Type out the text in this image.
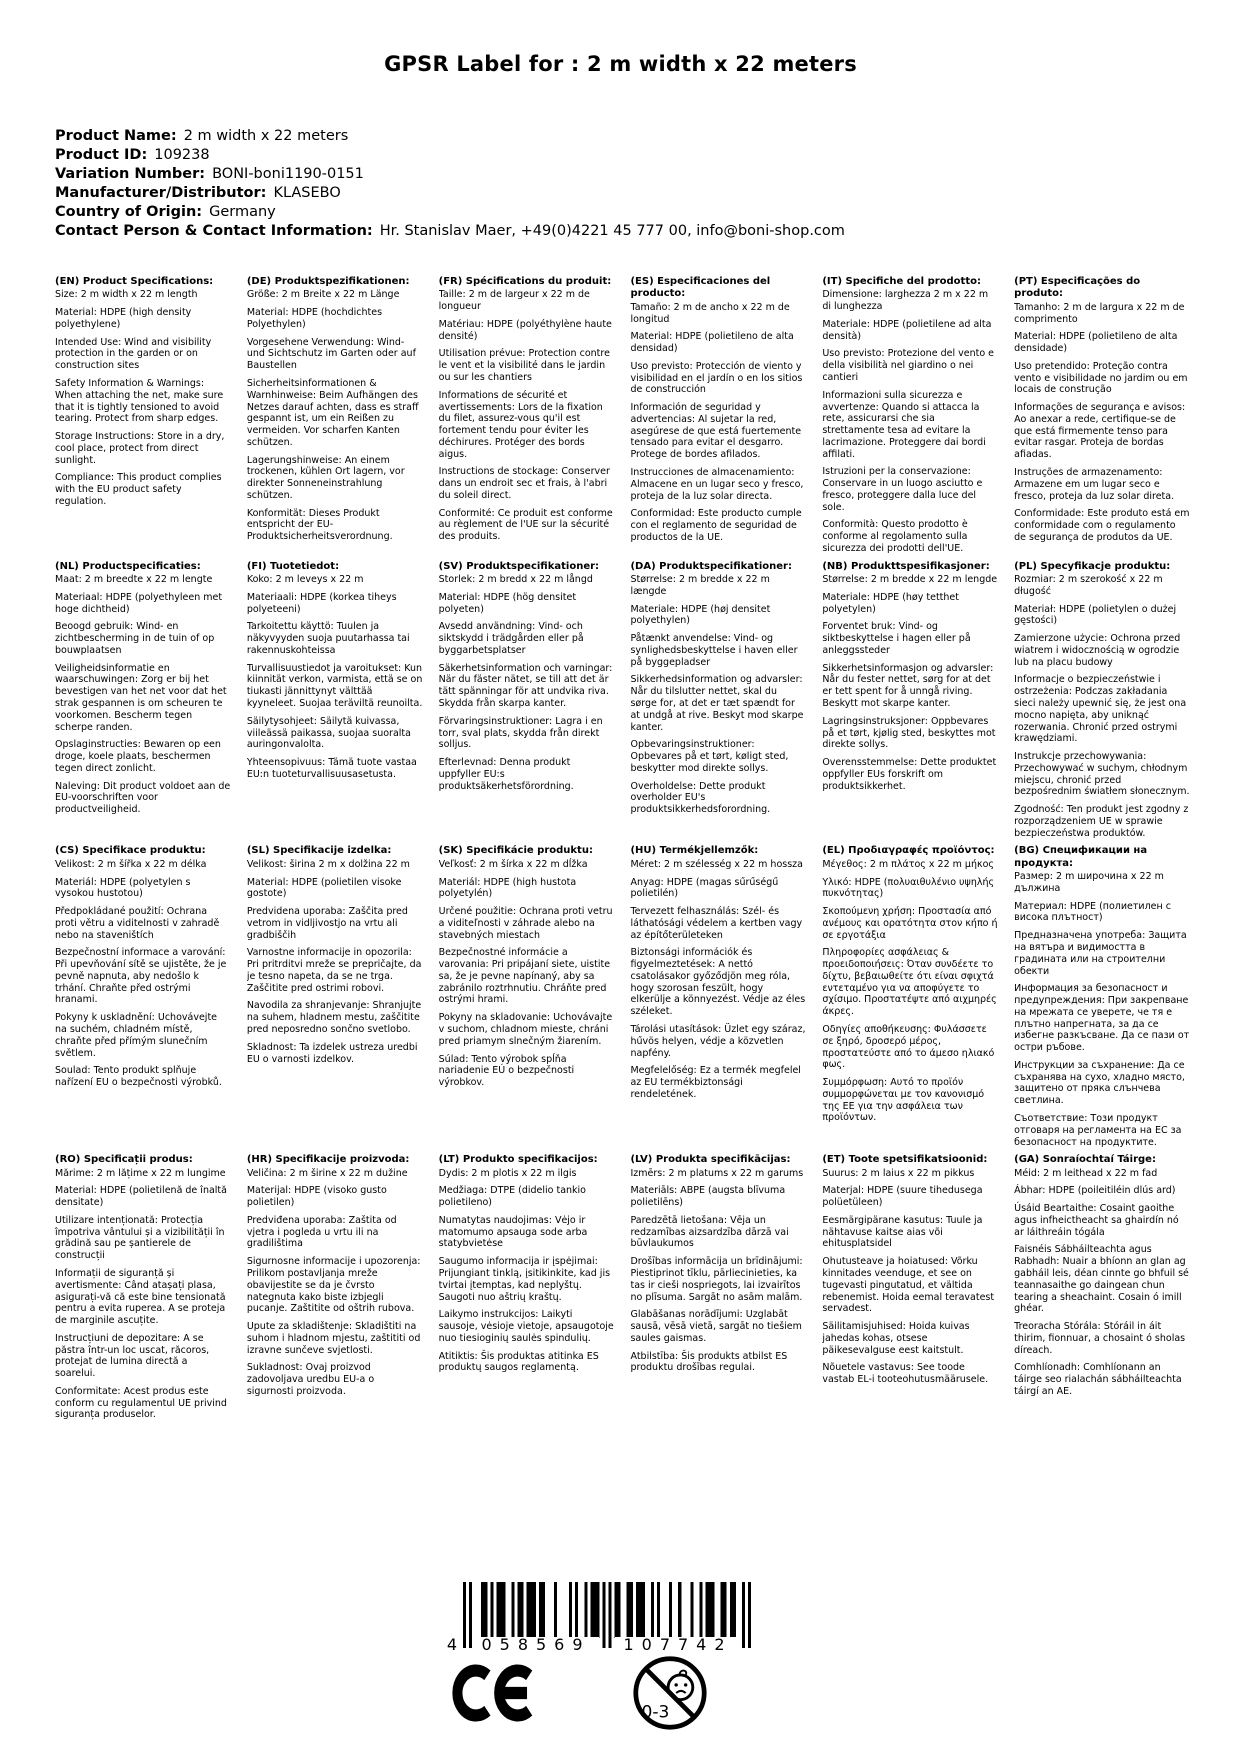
GPSR Label for : 2 m width x 22 meters
Product Name: 2 m width x 22 meters
Product ID: 109238
Variation Number: BONI-boni1190-0151
Manufacturer/Distributor: KLASEBO
Country of Origin: Germany
Contact Person & Contact Information: Hr. Stanislav Maer, +49(0)4221 45 777 00, info@boni-shop.com
(EN) Product Specifications:

Size: 2 m width x 22 m length

Material: HDPE (high density polyethylene)

Intended Use: Wind and visibility protection in the garden or on construction sites

Safety Information & Warnings: When attaching the net, make sure that it is tightly tensioned to avoid tearing. Protect from sharp edges.

Storage Instructions: Store in a dry, cool place, protect from direct sunlight.

Compliance: This product complies with the EU product safety regulation.

(DE) Produktspezifikationen:

Größe: 2 m Breite x 22 m Länge

Material: HDPE (hochdichtes Polyethylen)

Vorgesehene Verwendung: Wind- und Sichtschutz im Garten oder auf Baustellen

Sicherheitsinformationen & Warnhinweise: Beim Aufhängen des Netzes darauf achten, dass es straff gespannt ist, um ein Reißen zu vermeiden. Vor scharfen Kanten schützen.

Lagerungshinweise: An einem trockenen, kühlen Ort lagern, vor direkter Sonneneinstrahlung schützen.

Konformität: Dieses Produkt entspricht der EU-Produktsicherheitsverordnung.

(FR) Spécifications du produit:

Taille: 2 m de largeur x 22 m de longueur

Matériau: HDPE (polyéthylène haute densité)

Utilisation prévue: Protection contre le vent et la visibilité dans le jardin ou sur les chantiers

Informations de sécurité et avertissements: Lors de la fixation du filet, assurez-vous qu'il est fortement tendu pour éviter les déchirures. Protéger des bords aigus.

Instructions de stockage: Conserver dans un endroit sec et frais, à l'abri du soleil direct.

Conformité: Ce produit est conforme au règlement de l'UE sur la sécurité des produits.

(ES) Especificaciones del producto:

Tamaño: 2 m de ancho x 22 m de longitud

Material: HDPE (polietileno de alta densidad)

Uso previsto: Protección de viento y visibilidad en el jardín o en los sitios de construcción

Información de seguridad y advertencias: Al sujetar la red, asegúrese de que está fuertemente tensado para evitar el desgarro. Protege de bordes afilados.

Instrucciones de almacenamiento: Almacene en un lugar seco y fresco, proteja de la luz solar directa.

Conformidad: Este producto cumple con el reglamento de seguridad de productos de la UE.

(IT) Specifiche del prodotto:

Dimensione: larghezza 2 m x 22 m di lunghezza

Materiale: HDPE (polietilene ad alta densità)

Uso previsto: Protezione del vento e della visibilità nel giardino o nei cantieri

Informazioni sulla sicurezza e avvertenze: Quando si attacca la rete, assicurarsi che sia strettamente tesa ad evitare la lacrimazione. Proteggere dai bordi affilati.

Istruzioni per la conservazione: Conservare in un luogo asciutto e fresco, proteggere dalla luce del sole.

Conformità: Questo prodotto è conforme al regolamento sulla sicurezza dei prodotti dell'UE.

(PT) Especificações do produto:

Tamanho: 2 m de largura x 22 m de comprimento

Material: HDPE (polietileno de alta densidade)

Uso pretendido: Proteção contra vento e visibilidade no jardim ou em locais de construção

Informações de segurança e avisos: Ao anexar a rede, certifique-se de que está firmemente tenso para evitar rasgar. Proteja de bordas afiadas.

Instruções de armazenamento: Armazene em um lugar seco e fresco, proteja da luz solar direta.

Conformidade: Este produto está em conformidade com o regulamento de segurança de produtos da UE.

(NL) Productspecificaties:

Maat: 2 m breedte x 22 m lengte

Materiaal: HDPE (polyethyleen met hoge dichtheid)

Beoogd gebruik: Wind- en zichtbescherming in de tuin of op bouwplaatsen

Veiligheidsinformatie en waarschuwingen: Zorg er bij het bevestigen van het net voor dat het strak gespannen is om scheuren te voorkomen. Bescherm tegen scherpe randen.

Opslaginstructies: Bewaren op een droge, koele plaats, beschermen tegen direct zonlicht.

Naleving: Dit product voldoet aan de EU-voorschriften voor productveiligheid.

(FI) Tuotetiedot:

Koko: 2 m leveys x 22 m

Materiaali: HDPE (korkea tiheys polyeteeni)

Tarkoitettu käyttö: Tuulen ja näkyvyyden suoja puutarhassa tai rakennuskohteissa

Turvallisuustiedot ja varoitukset: Kun kiinnität verkon, varmista, että se on tiukasti jännittynyt välttää kyyneleet. Suojaa teräviltä reunoilta.

Säilytysohjeet: Säilytä kuivassa, viileässä paikassa, suojaa suoralta auringonvalolta.

Yhteensopivuus: Tämä tuote vastaa EU:n tuoteturvallisuusasetusta.

(SV) Produktspecifikationer:

Storlek: 2 m bredd x 22 m långd

Material: HDPE (hög densitet polyeten)

Avsedd användning: Vind- och siktskydd i trädgården eller på byggarbetsplatser

Säkerhetsinformation och varningar: När du fäster nätet, se till att det är tätt spänningar för att undvika riva. Skydda från skarpa kanter.

Förvaringsinstruktioner: Lagra i en torr, sval plats, skydda från direkt solljus.

Efterlevnad: Denna produkt uppfyller EU:s produktsäkerhetsförordning.

(DA) Produktspecifikationer:

Størrelse: 2 m bredde x 22 m længde

Materiale: HDPE (høj densitet polyethylen)

Påtænkt anvendelse: Vind- og synlighedsbeskyttelse i haven eller på byggepladser

Sikkerhedsinformation og advarsler: Når du tilslutter nettet, skal du sørge for, at det er tæt spændt for at undgå at rive. Beskyt mod skarpe kanter.

Opbevaringsinstruktioner: Opbevares på et tørt, køligt sted, beskytter mod direkte sollys.

Overholdelse: Dette produkt overholder EU's produktsikkerhedsforordning.

(NB) Produkttspesifikasjoner:

Størrelse: 2 m bredde x 22 m lengde

Materiale: HDPE (høy tetthet polyetylen)

Forventet bruk: Vind- og siktbeskyttelse i hagen eller på anleggssteder

Sikkerhetsinformasjon og advarsler: Når du fester nettet, sørg for at det er tett spent for å unngå riving. Beskytt mot skarpe kanter.

Lagringsinstruksjoner: Oppbevares på et tørt, kjølig sted, beskyttes mot direkte sollys.

Overensstemmelse: Dette produktet oppfyller EUs forskrift om produktsikkerhet.

(PL) Specyfikacje produktu:

Rozmiar: 2 m szerokość x 22 m długość

Materiał: HDPE (polietylen o dużej gęstości)

Zamierzone użycie: Ochrona przed wiatrem i widocznością w ogrodzie lub na placu budowy

Informacje o bezpieczeństwie i ostrzeżenia: Podczas zakładania sieci należy upewnić się, że jest ona mocno napięta, aby uniknąć rozerwania. Chronić przed ostrymi krawędziami.

Instrukcje przechowywania: Przechowywać w suchym, chłodnym miejscu, chronić przed bezpośrednim światłem słonecznym.

Zgodność: Ten produkt jest zgodny z rozporządzeniem UE w sprawie bezpieczeństwa produktów.

(CS) Specifikace produktu:

Velikost: 2 m šířka x 22 m délka

Materiál: HDPE (polyetylen s vysokou hustotou)

Předpokládané použití: Ochrana proti větru a viditelnosti v zahradě nebo na staveništích

Bezpečnostní informace a varování: Při upevňování sítě se ujistěte, že je pevně napnuta, aby nedošlo k trhání. Chraňte před ostrými hranami.

Pokyny k uskladnění: Uchovávejte na suchém, chladném místě, chraňte před přímým slunečním světlem.

Soulad: Tento produkt splňuje nařízení EU o bezpečnosti výrobků.

(SL) Specifikacije izdelka:

Velikost: širina 2 m x dolžina 22 m

Material: HDPE (polietilen visoke gostote)

Predvidena uporaba: Zaščita pred vetrom in vidljivostjo na vrtu ali gradbiščih

Varnostne informacije in opozorila: Pri pritrditvi mreže se prepričajte, da je tesno napeta, da se ne trga. Zaščitite pred ostrimi robovi.

Navodila za shranjevanje: Shranjujte na suhem, hladnem mestu, zaščitite pred neposredno sončno svetlobo.

Skladnost: Ta izdelek ustreza uredbi EU o varnosti izdelkov.

(SK) Špecifikácie produktu:

Veľkosť: 2 m šírka x 22 m dĺžka

Materiál: HDPE (high hustota polyetylén)

Určené použitie: Ochrana proti vetru a viditeľnosti v záhrade alebo na stavebných miestach

Bezpečnostné informácie a varovania: Pri pripájaní siete, uistite sa, že je pevne napínaný, aby sa zabránilo roztrhnutiu. Chráňte pred ostrými hrami.

Pokyny na skladovanie: Uchovávajte v suchom, chladnom mieste, chráni pred priamym slnečným žiarením.

Súlad: Tento výrobok spĺňa nariadenie EÚ o bezpečnosti výrobkov.

(HU) Termékjellemzők:

Méret: 2 m szélesség x 22 m hossza

Anyag: HDPE (magas sűrűségű polietilén)

Tervezett felhasználás: Szél- és láthatósági védelem a kertben vagy az építőterületeken

Biztonsági információk és figyelmeztetések: A nettó csatolásakor győződjön meg róla, hogy szorosan feszült, hogy elkerülje a könnyezést. Védje az éles széleket.

Tárolási utasítások: Üzlet egy száraz, hűvös helyen, védje a közvetlen napfény.

Megfelelőség: Ez a termék megfelel az EU termékbiztonsági rendeletének.

(EL) Προδιαγραφές προϊόντος:

Μέγεθος: 2 m πλάτος x 22 m μήκος

Υλικό: HDPE (πολυαιθυλένιο υψηλής πυκνότητας)

Σκοπούμενη χρήση: Προστασία από ανέμους και ορατότητα στον κήπο ή σε εργοτάξια

Πληροφορίες ασφάλειας & προειδοποιήσεις: Όταν συνδέετε το δίχτυ, βεβαιωθείτε ότι είναι σφιχτά εντεταμένο για να αποφύγετε το σχίσιμο. Προστατέψτε από αιχμηρές άκρες.

Οδηγίες αποθήκευσης: Φυλάσσετε σε ξηρό, δροσερό μέρος, προστατεύστε από το άμεσο ηλιακό φως.

Συμμόρφωση: Αυτό το προϊόν συμμορφώνεται με τον κανονισμό της ΕΕ για την ασφάλεια των προϊόντων.

(BG) Спецификации на продукта:

Размер: 2 m широчина x 22 m дължина

Материал: HDPE (полиетилен с висока плътност)

Предназначена употреба: Защита на вятъра и видимостта в градината или на строителни обекти

Информация за безопасност и предупреждения: При закрепване на мрежата се уверете, че тя е плътно напрегната, за да се избегне разкъсване. Да се пази от остри ръбове.

Инструкции за съхранение: Да се съхранява на сухо, хладно място, защитено от пряка слънчева светлина.

Съответствие: Този продукт отговаря на регламента на ЕС за безопасност на продуктите.

(RO) Specificații produs:

Mărime: 2 m lățime x 22 m lungime

Material: HDPE (polietilenă de înaltă densitate)

Utilizare intenționată: Protecția împotriva vântului și a vizibilității în grădină sau pe șantierele de construcții

Informații de siguranță și avertismente: Când atașați plasa, asigurați-vă că este bine tensionată pentru a evita ruperea. A se proteja de marginile ascuțite.

Instrucțiuni de depozitare: A se păstra într-un loc uscat, răcoros, protejat de lumina directă a soarelui.

Conformitate: Acest produs este conform cu regulamentul UE privind siguranța produselor.

(HR) Specifikacije proizvoda:

Veličina: 2 m širine x 22 m dužine

Materijal: HDPE (visoko gusto polietilen)

Predviđena uporaba: Zaštita od vjetra i pogleda u vrtu ili na gradilištima

Sigurnosne informacije i upozorenja: Prilikom postavljanja mreže obavijestite se da je čvrsto nategnuta kako biste izbjegli pucanje. Zaštitite od oštrih rubova.

Upute za skladištenje: Skladištiti na suhom i hladnom mjestu, zaštititi od izravne sunčeve svjetlosti.

Sukladnost: Ovaj proizvod zadovoljava uredbu EU-a o sigurnosti proizvoda.

(LT) Produkto specifikacijos:

Dydis: 2 m plotis x 22 m ilgis

Medžiaga: DTPE (didelio tankio polietileno)

Numatytas naudojimas: Vėjo ir matomumo apsauga sode arba statybvietėse

Saugumo informacija ir įspėjimai: Prijungiant tinklą, įsitikinkite, kad jis tvirtai įtemptas, kad neplyštų. Saugoti nuo aštrių kraštų.

Laikymo instrukcijos: Laikyti sausoje, vėsioje vietoje, apsaugotoje nuo tiesioginių saulės spindulių.

Atitiktis: Šis produktas atitinka ES produktų saugos reglamentą.

(LV) Produkta specifikācijas:

Izmērs: 2 m platums x 22 m garums

Materiāls: ABPE (augsta blīvuma polietilēns)

Paredzētā lietošana: Vēja un redzamības aizsardzība dārzā vai būvlaukumos

Drošības informācija un brīdinājumi: Piestiprinot tīklu, pārliecinieties, ka tas ir cieši nospriegots, lai izvairītos no plīsuma. Sargāt no asām malām.

Glabāšanas norādījumi: Uzglabāt sausā, vēsā vietā, sargāt no tiešiem saules gaismas.

Atbilstība: Šis produkts atbilst ES produktu drošības regulai.

(ET) Toote spetsifikatsioonid:

Suurus: 2 m laius x 22 m pikkus

Materjal: HDPE (suure tihedusega polüetüleen)

Eesmärgipärane kasutus: Tuule ja nähtavuse kaitse aias või ehitusplatsidel

Ohutusteave ja hoiatused: Võrku kinnitades veenduge, et see on tugevasti pingutatud, et vältida rebenemist. Hoida eemal teravatest servadest.

Säilitamisjuhised: Hoida kuivas jahedas kohas, otsese päikesevalguse eest kaitstult.

Nõuetele vastavus: See toode vastab EL-i tooteohutusmäärusele.

(GA) Sonraíochtaí Táirge:

Méid: 2 m leithead x 22 m fad

Ábhar: HDPE (poileitiléin dlús ard)

Úsáid Beartaithe: Cosaint gaoithe agus infheictheacht sa ghairdín nó ar láithreáin tógála

Faisnéis Sábháilteachta agus Rabhadh: Nuair a bhíonn an glan ag gabháil leis, déan cinnte go bhfuil sé teannasaithe go daingean chun tearing a sheachaint. Cosain ó imill ghéar.

Treoracha Stórála: Stóráil in áit thirim, fionnuar, a chosaint ó sholas díreach.

Comhlíonadh: Comhlíonann an táirge seo rialachán sábháilteachta táirgí an AE.

4	058569	107742
0-3
